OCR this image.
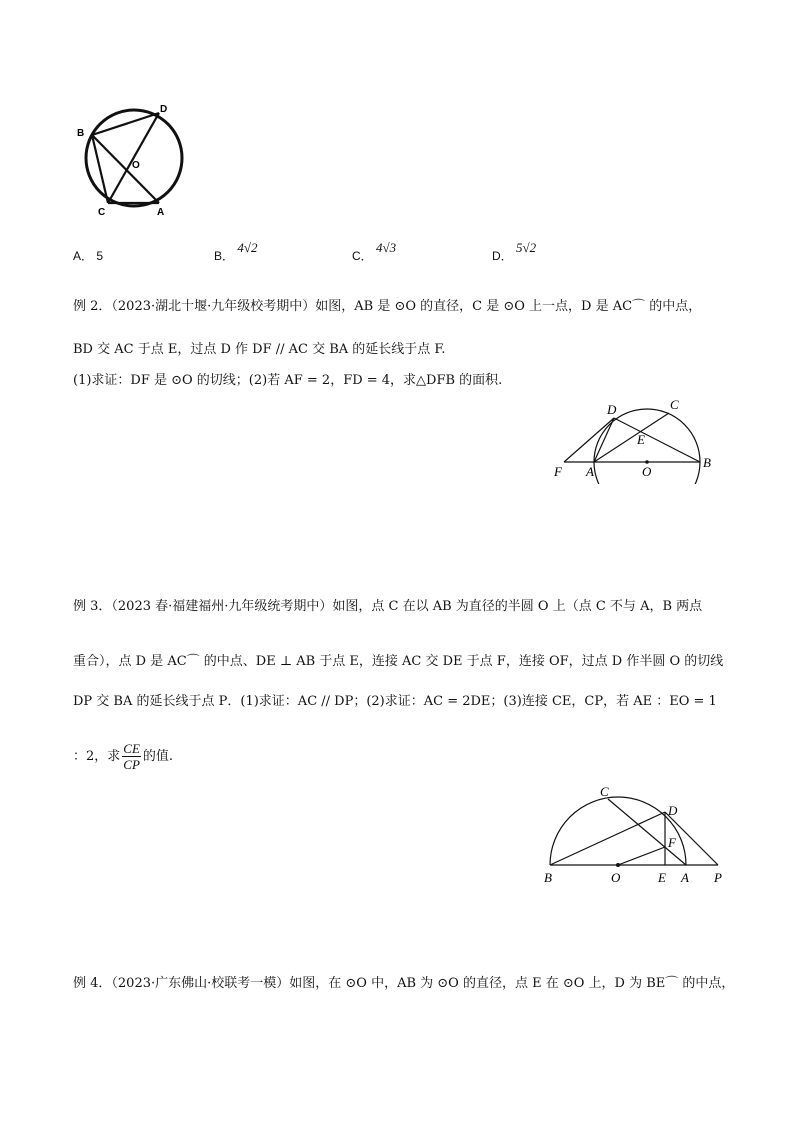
B
D
O
C	A
A． 5	B． 4√2
C． 4√3
D． 5√2
例 2．（2023·湖北十堰·九年级校考期中）如图，AB 是 ⊙O 的直径，C 是 ⊙O 上一点，D 是 AC⌒ 的中点，
BD 交 AC 于点 E，过点 D 作 DF // AC 交 BA 的延长线于点 F.
(1)求证：DF 是 ⊙O 的切线；(2)若 AF = 2，FD = 4，求△DFB 的面积.
D	C
E
F A	O
B
例 3．（2023 春·福建福州·九年级统考期中）如图，点 C 在以 AB 为直径的半圆 O 上（点 C 不与 A，B 两点
重合），点 D 是 AC⌒ 的中点、DE ⊥ AB 于点 E，连接 AC 交 DE 于点 F，连接 OF，过点 D 作半圆 O 的切线
DP 交 BA 的延长线于点 P．(1)求证：AC // DP；(2)求证：AC = 2DE；(3)连接 CE，CP，若 AE ：EO = 1
：2，求 $\frac{CE}{CP}$ 的值.
C
D
F
B	O	E A P
例 4．（2023·广东佛山·校联考一模）如图，在 ⊙O 中，AB 为 ⊙O 的直径，点 E 在 ⊙O 上，D 为 BE⌒ 的中点，
